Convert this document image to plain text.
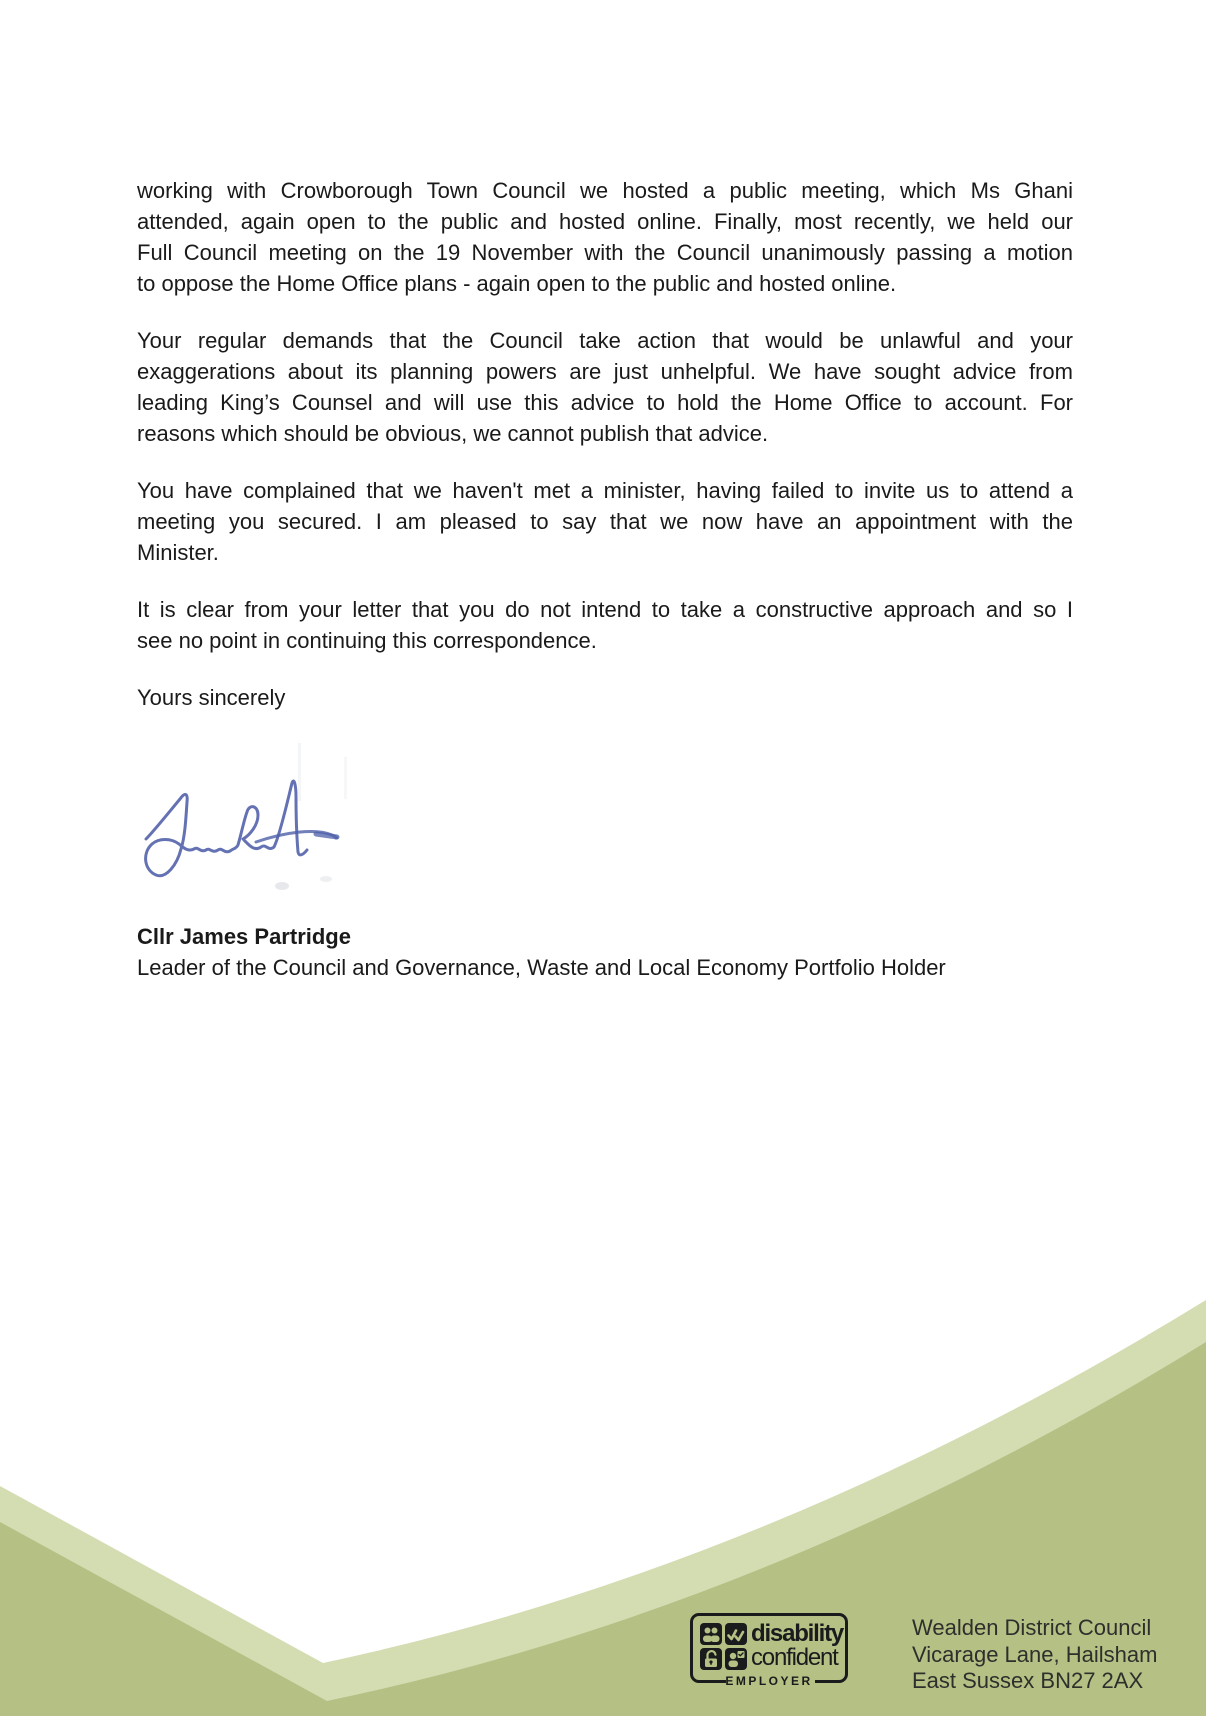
working with Crowborough Town Council we hosted a public meeting, which Ms Ghani
attended, again open to the public and hosted online. Finally, most recently, we held our
Full Council meeting on the 19 November with the Council unanimously passing a motion
to oppose the Home Office plans - again open to the public and hosted online.
Your regular demands that the Council take action that would be unlawful and your
exaggerations about its planning powers are just unhelpful. We have sought advice from
leading King’s Counsel and will use this advice to hold the Home Office to account. For
reasons which should be obvious, we cannot publish that advice.
You have complained that we haven't met a minister, having failed to invite us to attend a
meeting you secured. I am pleased to say that we now have an appointment with the
Minister.
It is clear from your letter that you do not intend to take a constructive approach and so I
see no point in continuing this correspondence.
Yours sincerely
Cllr James Partridge
Leader of the Council and Governance, Waste and Local Economy Portfolio Holder
disability
confident
EMPLOYER
Wealden District Council
Vicarage Lane, Hailsham
East Sussex BN27 2AX
